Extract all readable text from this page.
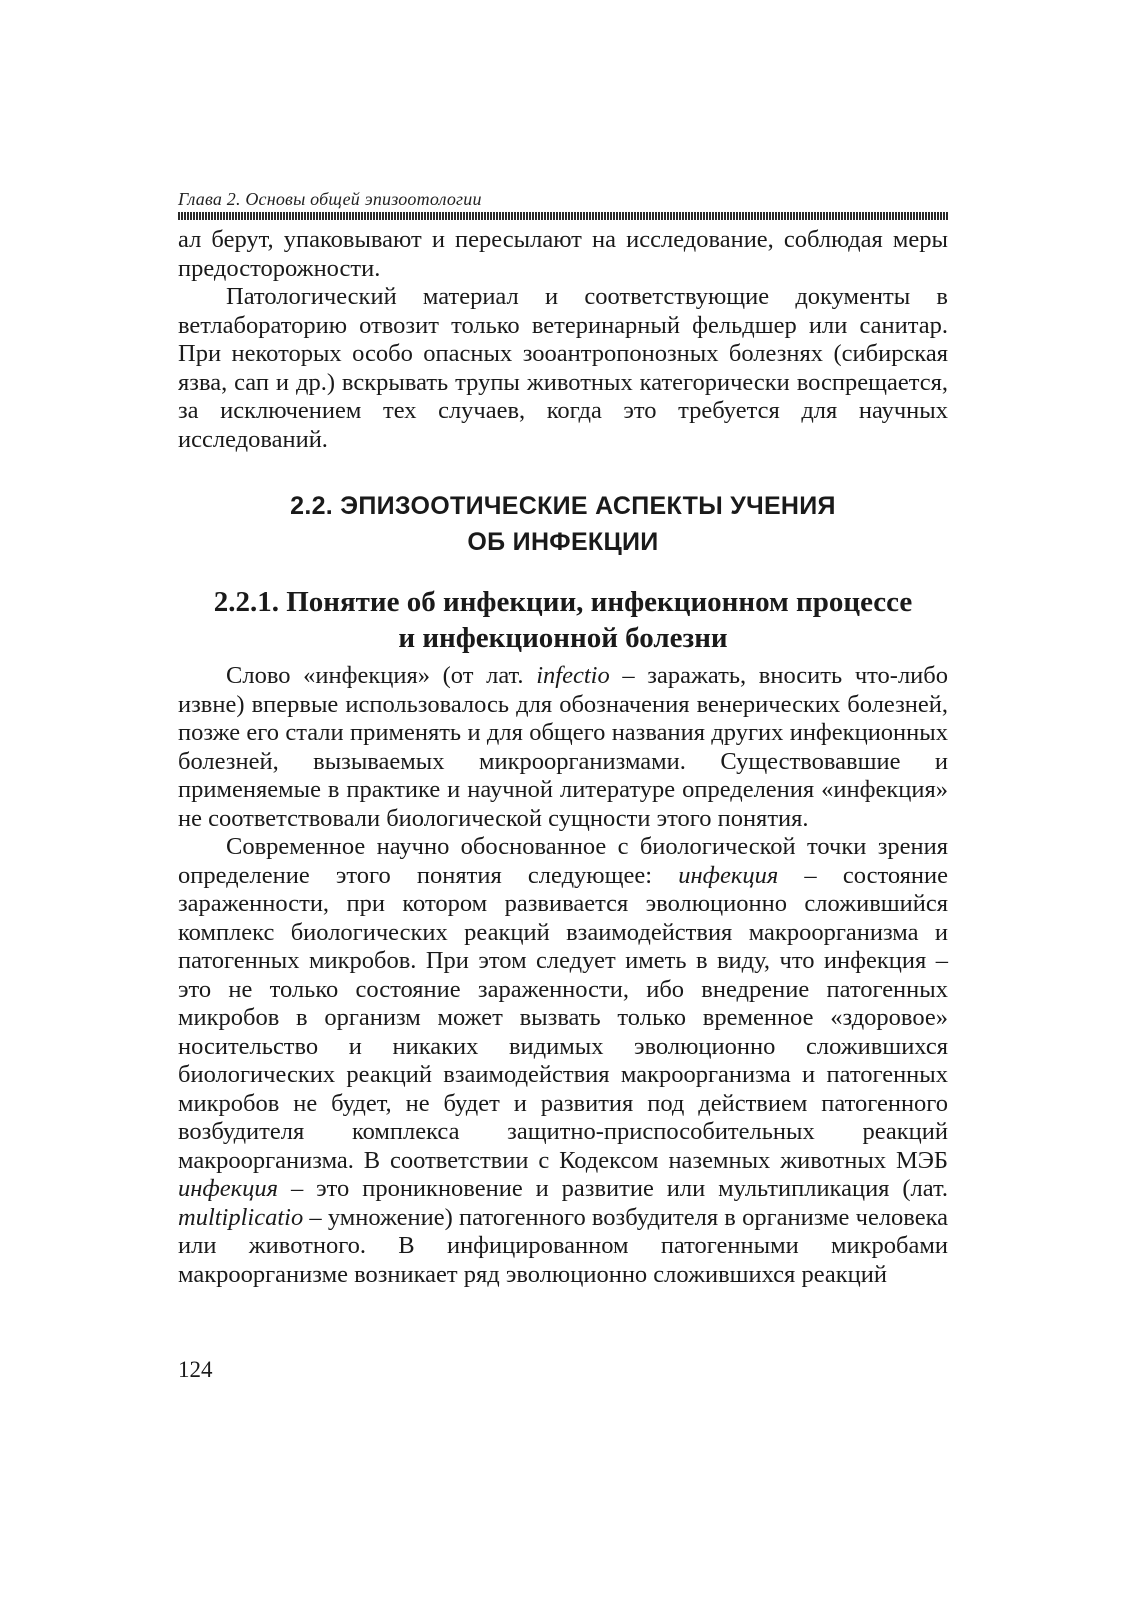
Глава 2. Основы общей эпизоотологии

ал берут, упаковывают и пересылают на исследование, соблюдая меры предосторожности.

Патологический материал и соответствующие документы в ветлабораторию отвозит только ветеринарный фельдшер или санитар. При некоторых особо опасных зооантропонозных болезнях (сибирская язва, сап и др.) вскрывать трупы животных категорически воспрещается, за исключением тех случаев, когда это требуется для научных исследований.

2.2. ЭПИЗООТИЧЕСКИЕ АСПЕКТЫ УЧЕНИЯ
ОБ ИНФЕКЦИИ
2.2.1. Понятие об инфекции, инфекционном процессе
и инфекционной болезни

Слово «инфекция» (от лат. infectio – заражать, вносить что-либо извне) впервые использовалось для обозначения венерических болезней, позже его стали применять и для общего названия других инфекционных болезней, вызываемых микроорганизмами. Существовавшие и применяемые в практике и научной литературе определения «инфекция» не соответствовали биологической сущности этого понятия.

Современное научно обоснованное с биологической точки зрения определение этого понятия следующее: инфекция – состояние зараженности, при котором развивается эволюционно сложившийся комплекс биологических реакций взаимодействия макроорганизма и патогенных микробов. При этом следует иметь в виду, что инфекция – это не только состояние зараженности, ибо внедрение патогенных микробов в организм может вызвать только временное «здоровое» носительство и никаких видимых эволюционно сложившихся биологических реакций взаимодействия макроорганизма и патогенных микробов не будет, не будет и развития под действием патогенного возбудителя комплекса защитно-приспособительных реакций макроорганизма. В соответствии с Кодексом наземных животных МЭБ инфекция – это проникновение и развитие или мультипликация (лат. multiplicatio – умножение) патогенного возбудителя в организме человека или животного. В инфицированном патогенными микробами макроорганизме возникает ряд эволюционно сложившихся реакций

124
